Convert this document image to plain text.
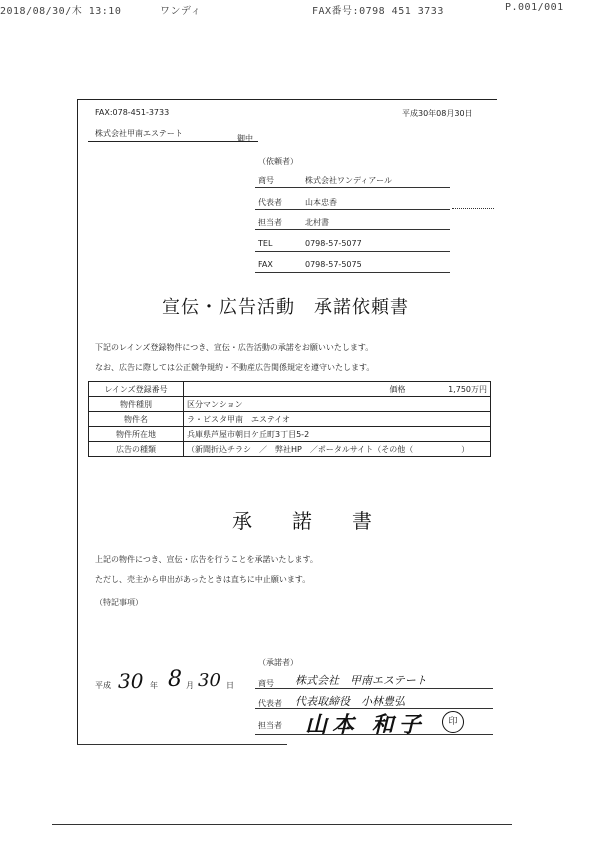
2018/08/30/木 13:10	ワンディ	FAX番号:0798 451 3733	P.001/001
FAX:078-451-3733	平成30年08月30日
株式会社甲南エステート
御中
（依頼者）
商号	株式会社ワンディアール
代表者	山本忠香
担当者	北村書
TEL	0798-57-5077
FAX	0798-57-5075
宣伝・広告活動　承諾依頼書
下記のレインズ登録物件につき、宣伝・広告活動の承諾をお願いいたします。
なお、広告に際しては公正競争規約・不動産広告関係規定を遵守いたします。
レインズ登録番号	価格 1,750万円

物件種別	区分マンション
物件名	ラ・ビスタ甲南　エステイオ
物件所在地	兵庫県芦屋市朝日ケ丘町3丁目5-2
広告の種類	（新聞折込チラシ　／　弊社HP　／ポータルサイト（その他（　　　　　　）
承　　諾　　書
上記の物件につき、宣伝・広告を行うことを承諾いたします。
ただし、売主から申出があったときは直ちに中止願います。
（特記事項）
平成 30 年 8 月 30 日
（承諾者）
商号 株式会社　甲南エステート
代表者 代表取締役　小林豊弘
担当者 山本 和子	印
